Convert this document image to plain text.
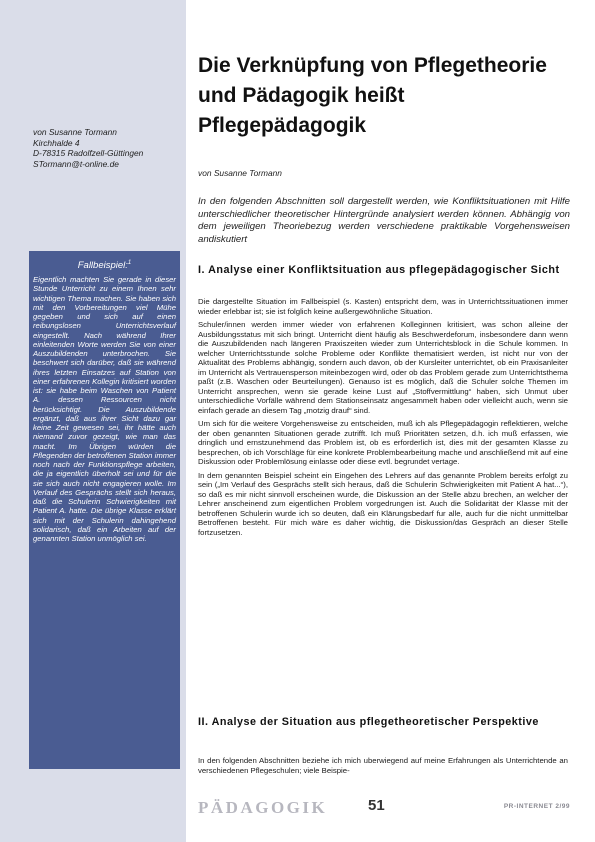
von Susanne Tormann
Kirchhalde 4
D-78315 Radolfzell-Güttingen
STormann@t-online.de
Fallbeispiel:$^1$
Eigentlich machten Sie gerade in dieser Stunde Unterricht zu einem Ihnen sehr wichtigen Thema machen. Sie haben sich mit den Vorbereitungen viel Mühe gegeben und sich auf einen reibungslosen Unterrichtsverlauf eingestellt. Nach während Ihrer einleitenden Worte werden Sie von einer Auszubildenden unterbrochen. Sie beschwert sich darüber, daß sie während ihres letzten Einsatzes auf Station von einer erfahrenen Kollegin kritisiert worden ist: sie habe beim Waschen von Patient A. dessen Ressourcen nicht berücksichtigt. Die Auszubildende ergänzt, daß aus ihrer Sicht dazu gar keine Zeit gewesen sei, ihr hätte auch niemand zuvor gezeigt, wie man das macht. Im Übrigen würden die Pflegenden der betroffenen Station immer noch nach der Funktionspflege arbeiten, die ja eigentlich überholt sei und für die sie sich auch nicht engagieren wolle. Im Verlauf des Gesprächs stellt sich heraus, daß die Schulerin Schwierigkeiten mit Patient A. hatte. Die übrige Klasse erklärt sich mit der Schulerin dahingehend solidarisch, daß ein Arbeiten auf der genannten Station unmöglich sei.
Die Verknüpfung von Pflegetheorie und Pädagogik heißt Pflegepädagogik
von Susanne Tormann

In den folgenden Abschnitten soll dargestellt werden, wie Konfliktsituationen mit Hilfe unterschiedlicher theoretischer Hintergründe analysiert werden können. Abhängig von dem jeweiligen Theoriebezug werden verschiedene praktikable Vorgehensweisen andiskutiert

I. Analyse einer Konfliktsituation aus pflegepädagogischer Sicht

Die dargestellte Situation im Fallbeispiel (s. Kasten) entspricht dem, was in Unterrichtssituationen immer wieder erlebbar ist; sie ist folglich keine außergewöhnliche Situation.

Schuler/innen werden immer wieder von erfahrenen Kolleginnen kritisiert, was schon alleine der Ausbildungsstatus mit sich bringt. Unterricht dient häufig als Beschwerdeforum, insbesondere dann wenn die Auszubildenden nach längeren Praxiszeiten wieder zum Unterrichtsblock in die Schule kommen. In welcher Unterrichtsstunde solche Probleme oder Konflikte thematisiert werden, ist nicht nur von der Aktualität des Problems abhängig, sondern auch davon, ob der Kursleiter unterrichtet, ob ein Praxisanleiter im Unterricht als Vertrauensperson miteinbezogen wird, oder ob das Problem gerade zum Unterrichtsthema paßt (z.B. Waschen oder Beurteilungen). Genauso ist es möglich, daß die Schuler solche Themen im Unterricht ansprechen, wenn sie gerade keine Lust auf „Stoffvermittlung“ haben, sich Unmut uber unterschiedliche Vorfälle während dem Stationseinsatz angesammelt haben oder vielleicht auch, wenn sie einfach gerade an diesem Tag „motzig drauf“ sind.

Um sich für die weitere Vorgehensweise zu entscheiden, muß ich als Pflegepädagogin reflektieren, welche der oben genannten Situationen gerade zutrifft. Ich muß Prioritäten setzen, d.h. ich muß erfassen, wie dringlich und ernstzunehmend das Problem ist, ob es erforderlich ist, dies mit der gesamten Klasse zu besprechen, ob ich Vorschläge für eine konkrete Problembearbeitung mache und anschließend mit auf eine Diskussion oder Problemlösung einlasse oder diese evtl. begrundet vertage.

In dem genannten Beispiel scheint ein Eingehen des Lehrers auf das genannte Problem bereits erfolgt zu sein („Im Verlauf des Gesprächs stellt sich heraus, daß die Schulerin Schwierigkeiten mit Patient A hat...“), so daß es mir nicht sinnvoll erscheinen wurde, die Diskussion an der Stelle abzu brechen, an welcher der Lehrer anscheinend zum eigentlichen Problem vorgedrungen ist. Auch die Solidarität der Klasse mit der betroffenen Schulerin wurde ich so deuten, daß ein Klärungsbedarf fur alle, auch fur die nicht unmittelbar Betroffenen besteht. Für mich wäre es daher wichtig, die Diskussion/das Gespräch an dieser Stelle fortzusetzen.

II. Analyse der Situation aus pflegetheoretischer Perspektive

In den folgenden Abschnitten beziehe ich mich uberwiegend auf meine Erfahrungen als Unterrichtende an verschiedenen Pflegeschulen; viele Beispie-

PÄDAGOGIK	51	PR-INTERNET 2/99
